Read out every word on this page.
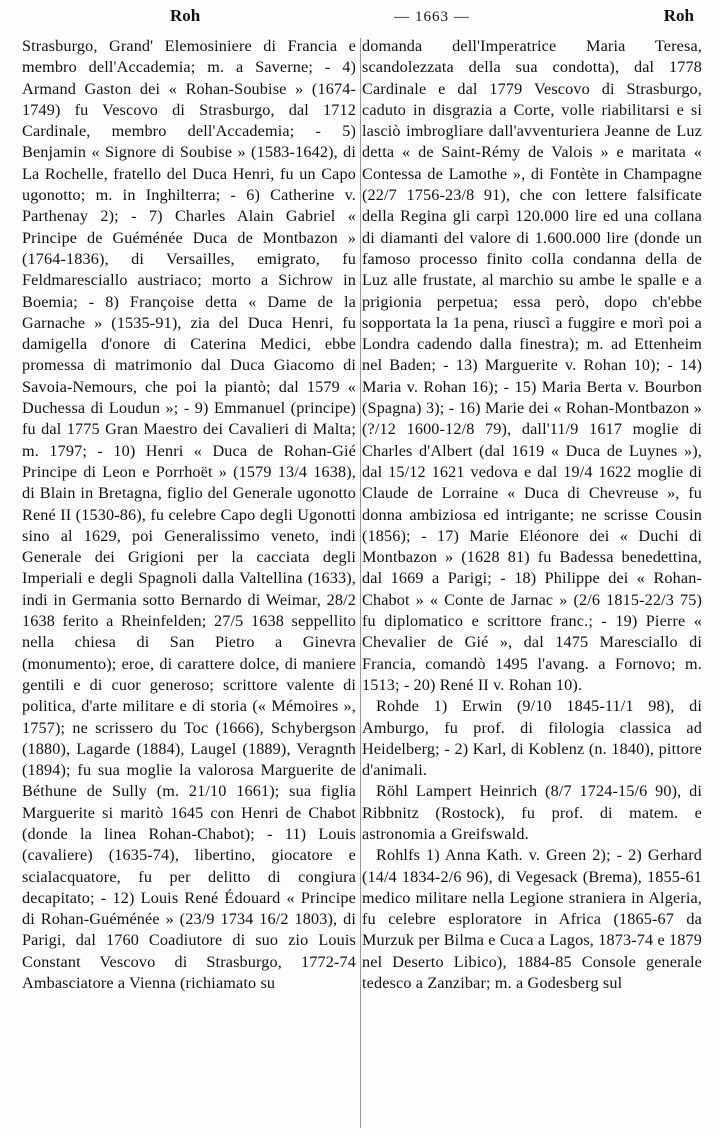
Roh	— 1663 —	Roh

Strasburgo, Grand' Elemosiniere di Francia e membro dell'Accademia; m. a Saverne; - 4) Armand Gaston dei « Rohan-Soubise » (1674-1749) fu Vescovo di Strasburgo, dal 1712 Cardinale, membro dell'Accademia; - 5) Benjamin « Signore di Soubise » (1583-1642), di La Rochelle, fratello del Duca Henri, fu un Capo ugonotto; m. in Inghilterra; - 6) Catherine v. Parthenay 2); - 7) Charles Alain Gabriel « Principe de Guéménée Duca de Montbazon » (1764-1836), di Versailles, emigrato, fu Feldmaresciallo austriaco; morto a Sichrow in Boemia; - 8) Françoise detta « Dame de la Garnache » (1535-91), zia del Duca Henri, fu damigella d'onore di Caterina Medici, ebbe promessa di matrimonio dal Duca Giacomo di Savoia-Nemours, che poi la piantò; dal 1579 « Duchessa di Loudun »; - 9) Emmanuel (principe) fu dal 1775 Gran Maestro dei Cavalieri di Malta; m. 1797; - 10) Henri « Duca de Rohan-Gié Principe di Leon e Porrhoët » (1579 13/4 1638), di Blain in Bretagna, figlio del Generale ugonotto René II (1530-86), fu celebre Capo degli Ugonotti sino al 1629, poi Generalissimo veneto, indi Generale dei Grigioni per la cacciata degli Imperiali e degli Spagnoli dalla Valtellina (1633), indi in Germania sotto Bernardo di Weimar, 28/2 1638 ferito a Rheinfelden; 27/5 1638 seppellito nella chiesa di San Pietro a Ginevra (monumento); eroe, di carattere dolce, di maniere gentili e di cuor generoso; scrittore valente di politica, d'arte militare e di storia (« Mémoires », 1757); ne scrissero du Toc (1666), Schybergson (1880), Lagarde (1884), Laugel (1889), Veragnth (1894); fu sua moglie la valorosa Marguerite de Béthune de Sully (m. 21/10 1661); sua figlia Marguerite si maritò 1645 con Henri de Chabot (donde la linea Rohan-Chabot); - 11) Louis (cavaliere) (1635-74), libertino, giocatore e scialacquatore, fu per delitto di congiura decapitato; - 12) Louis René Édouard « Principe di Rohan-Guéménée » (23/9 1734 16/2 1803), di Parigi, dal 1760 Coadiutore di suo zio Louis Constant Vescovo di Strasburgo, 1772-74 Ambasciatore a Vienna (richiamato su

domanda dell'Imperatrice Maria Teresa, scandolezzata della sua condotta), dal 1778 Cardinale e dal 1779 Vescovo di Strasburgo, caduto in disgrazia a Corte, volle riabilitarsi e si lasciò imbrogliare dall'avventuriera Jeanne de Luz detta « de Saint-Rémy de Valois » e maritata « Contessa de Lamothe », di Fontète in Champagne (22/7 1756-23/8 91), che con lettere falsificate della Regina gli carpì 120.000 lire ed una collana di diamanti del valore di 1.600.000 lire (donde un famoso processo finito colla condanna della de Luz alle frustate, al marchio su ambe le spalle e a prigionia perpetua; essa però, dopo ch'ebbe sopportata la 1a pena, riuscì a fuggire e morì poi a Londra cadendo dalla finestra); m. ad Ettenheim nel Baden; - 13) Marguerite v. Rohan 10); - 14) Maria v. Rohan 16); - 15) Maria Berta v. Bourbon (Spagna) 3); - 16) Marie dei « Rohan-Montbazon » (?/12 1600-12/8 79), dall'11/9 1617 moglie di Charles d'Albert (dal 1619 « Duca de Luynes »), dal 15/12 1621 vedova e dal 19/4 1622 moglie di Claude de Lorraine « Duca di Chevreuse », fu donna ambiziosa ed intrigante; ne scrisse Cousin (1856); - 17) Marie Eléonore dei « Duchi di Montbazon » (1628 81) fu Badessa benedettina, dal 1669 a Parigi; - 18) Philippe dei « Rohan-Chabot » « Conte de Jarnac » (2/6 1815-22/3 75) fu diplomatico e scrittore franc.; - 19) Pierre « Chevalier de Gié », dal 1475 Maresciallo di Francia, comandò 1495 l'avang. a Fornovo; m. 1513; - 20) René II v. Rohan 10).

Rohde 1) Erwin (9/10 1845-11/1 98), di Amburgo, fu prof. di filologia classica ad Heidelberg; - 2) Karl, di Koblenz (n. 1840), pittore d'animali.

Röhl Lampert Heinrich (8/7 1724-15/6 90), di Ribbnitz (Rostock), fu prof. di matem. e astronomia a Greifswald.

Rohlfs 1) Anna Kath. v. Green 2); - 2) Gerhard (14/4 1834-2/6 96), di Vegesack (Brema), 1855-61 medico militare nella Legione straniera in Algeria, fu celebre esploratore in Africa (1865-67 da Murzuk per Bilma e Cuca a Lagos, 1873-74 e 1879 nel Deserto Libico), 1884-85 Console generale tedesco a Zanzibar; m. a Godesberg sul
